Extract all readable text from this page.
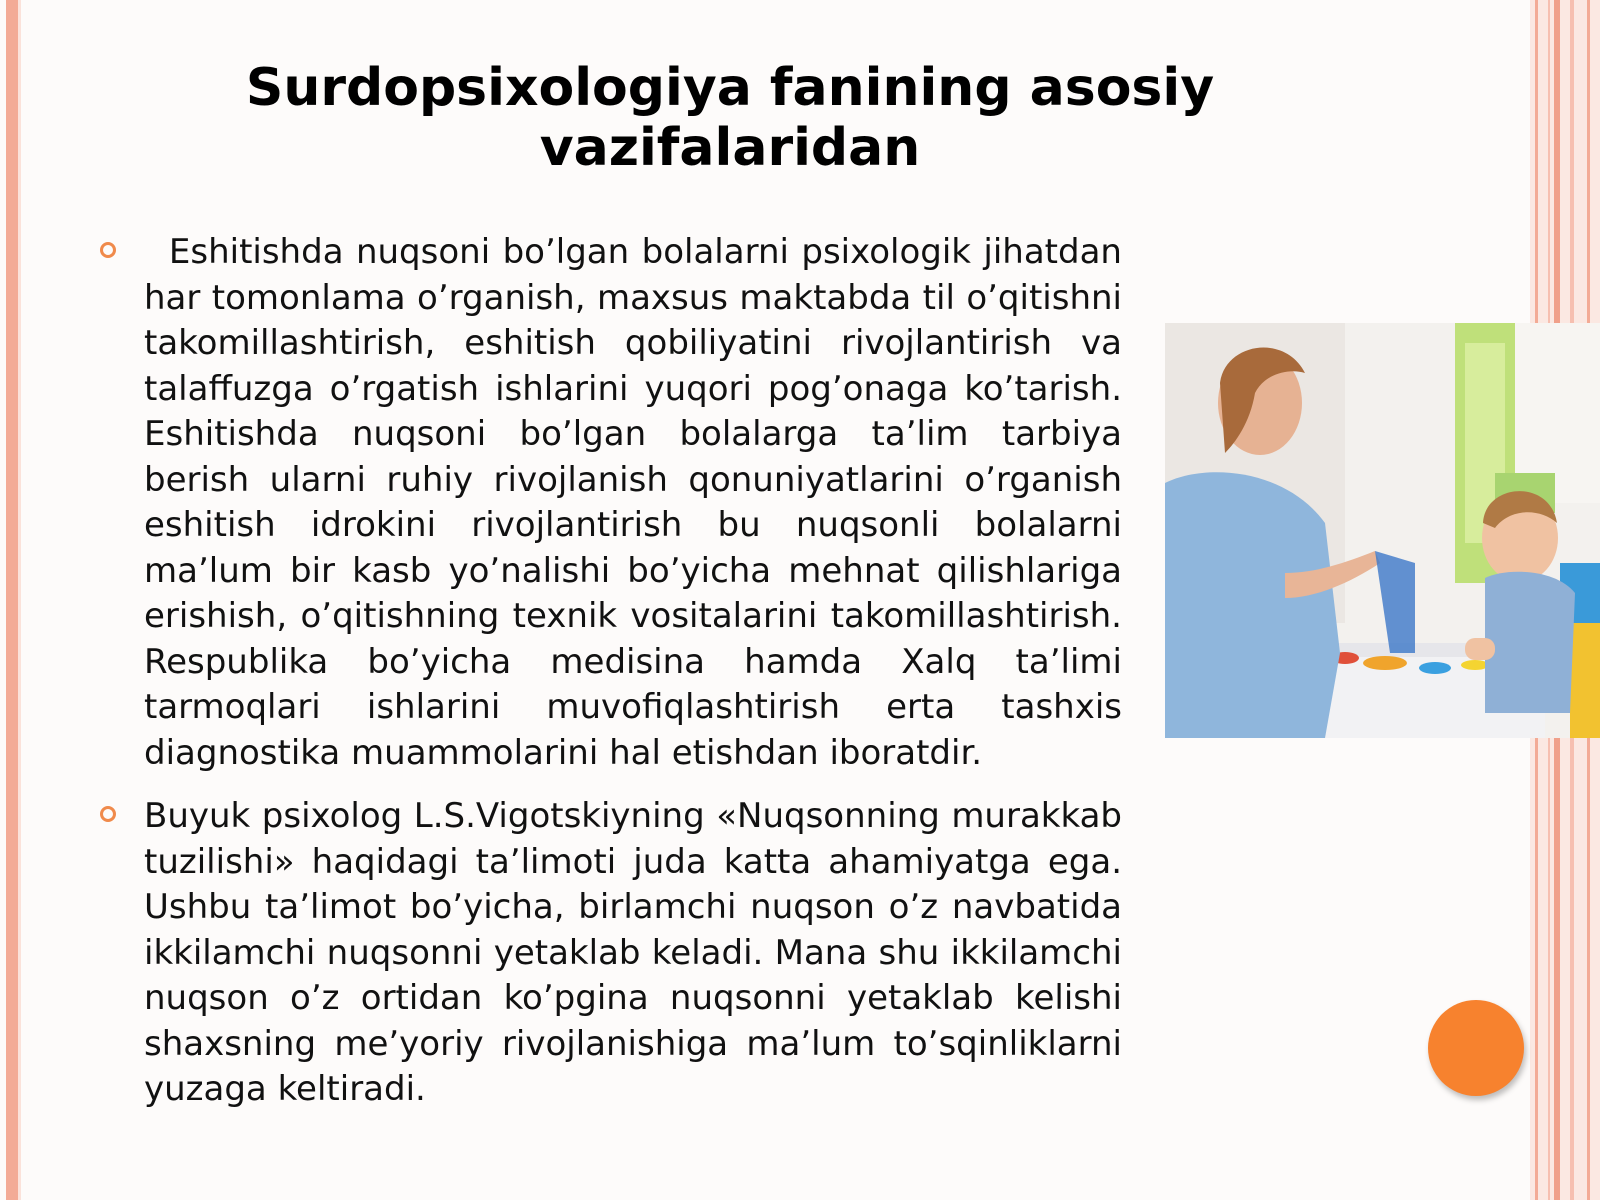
Surdopsixologiya fanining asosiy vazifalaridan

Eshitishda nuqsoni bo’lgan bolalarni psixologik jihatdan har tomonlama o’rganish, maxsus maktabda til o’qitishni takomillashtirish, eshitish qobiliyatini rivojlantirish va talaffuzga o’rgatish ishlarini yuqori pog’onaga ko’tarish. Eshitishda nuqsoni bo’lgan bolalarga ta’lim tarbiya berish ularni ruhiy rivojlanish qonuniyatlarini o’rganish eshitish idrokini rivojlantirish bu nuqsonli bolalarni ma’lum bir kasb yo’nalishi bo’yicha mehnat qilishlariga erishish, o’qitishning texnik vositalarini takomillashtirish. Respublika bo’yicha medisina hamda Xalq ta’limi tarmoqlari ishlarini muvofiqlashtirish erta tashxis diagnostika muammolarini hal etishdan iboratdir.

Buyuk psixolog L.S.Vigotskiyning «Nuqsonning murakkab tuzilishi» haqidagi ta’limoti juda katta ahamiyatga ega. Ushbu ta’limot bo’yicha, birlamchi nuqson o’z navbatida ikkilamchi nuqsonni yetaklab keladi. Mana shu ikkilamchi nuqson o’z ortidan ko’pgina nuqsonni yetaklab kelishi shaxsning me’yoriy rivojlanishiga ma’lum to’sqinliklarni yuzaga keltiradi.
